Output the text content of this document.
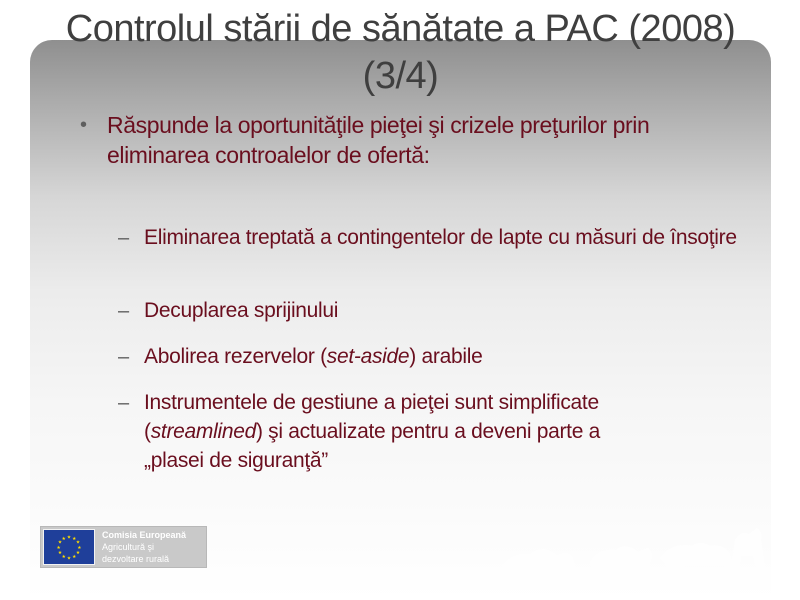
Controlul stării de sănătate a PAC (2008)
(3/4)
• Răspunde la oportunităţile pieţei şi crizele preţurilor prin eliminarea controalelor de ofertă:
– Eliminarea treptată a contingentelor de lapte cu măsuri de însoţire
– Decuplarea sprijinului
– Abolirea rezervelor (set-aside) arabile
– Instrumentele de gestiune a pieţei sunt simplificate
(streamlined) şi actualizate pentru a deveni parte a
„plasei de siguranţă”
★ ★
★
★
★
★
★
★
★
★
★
★	Comisia Europeană
Agricultură şi
dezvoltare rurală
